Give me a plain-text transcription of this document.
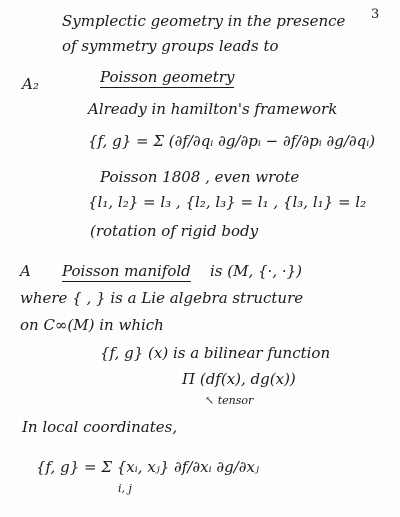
3
Symplectic geometry in the presence
of symmetry groups leads to
A₂	Poisson geometry
Already in hamilton's framework
{f, g} = Σ (∂f/∂qᵢ ∂g/∂pᵢ − ∂f/∂pᵢ ∂g/∂qᵢ)
Poisson 1808 , even wrote
{l₁, l₂} = l₃ , {l₂, l₃} = l₁ , {l₃, l₁} = l₂
(rotation of rigid body
A Poisson manifold is (M, {·, ·})
where { , } is a Lie algebra structure
on C∞(M) in which
{f, g} (x) is a bilinear function
Π (df(x), dg(x))
↖ tensor
In local coordinates,
{f, g} = Σ {xᵢ, xⱼ} ∂f/∂xᵢ ∂g/∂xⱼ
i, j
